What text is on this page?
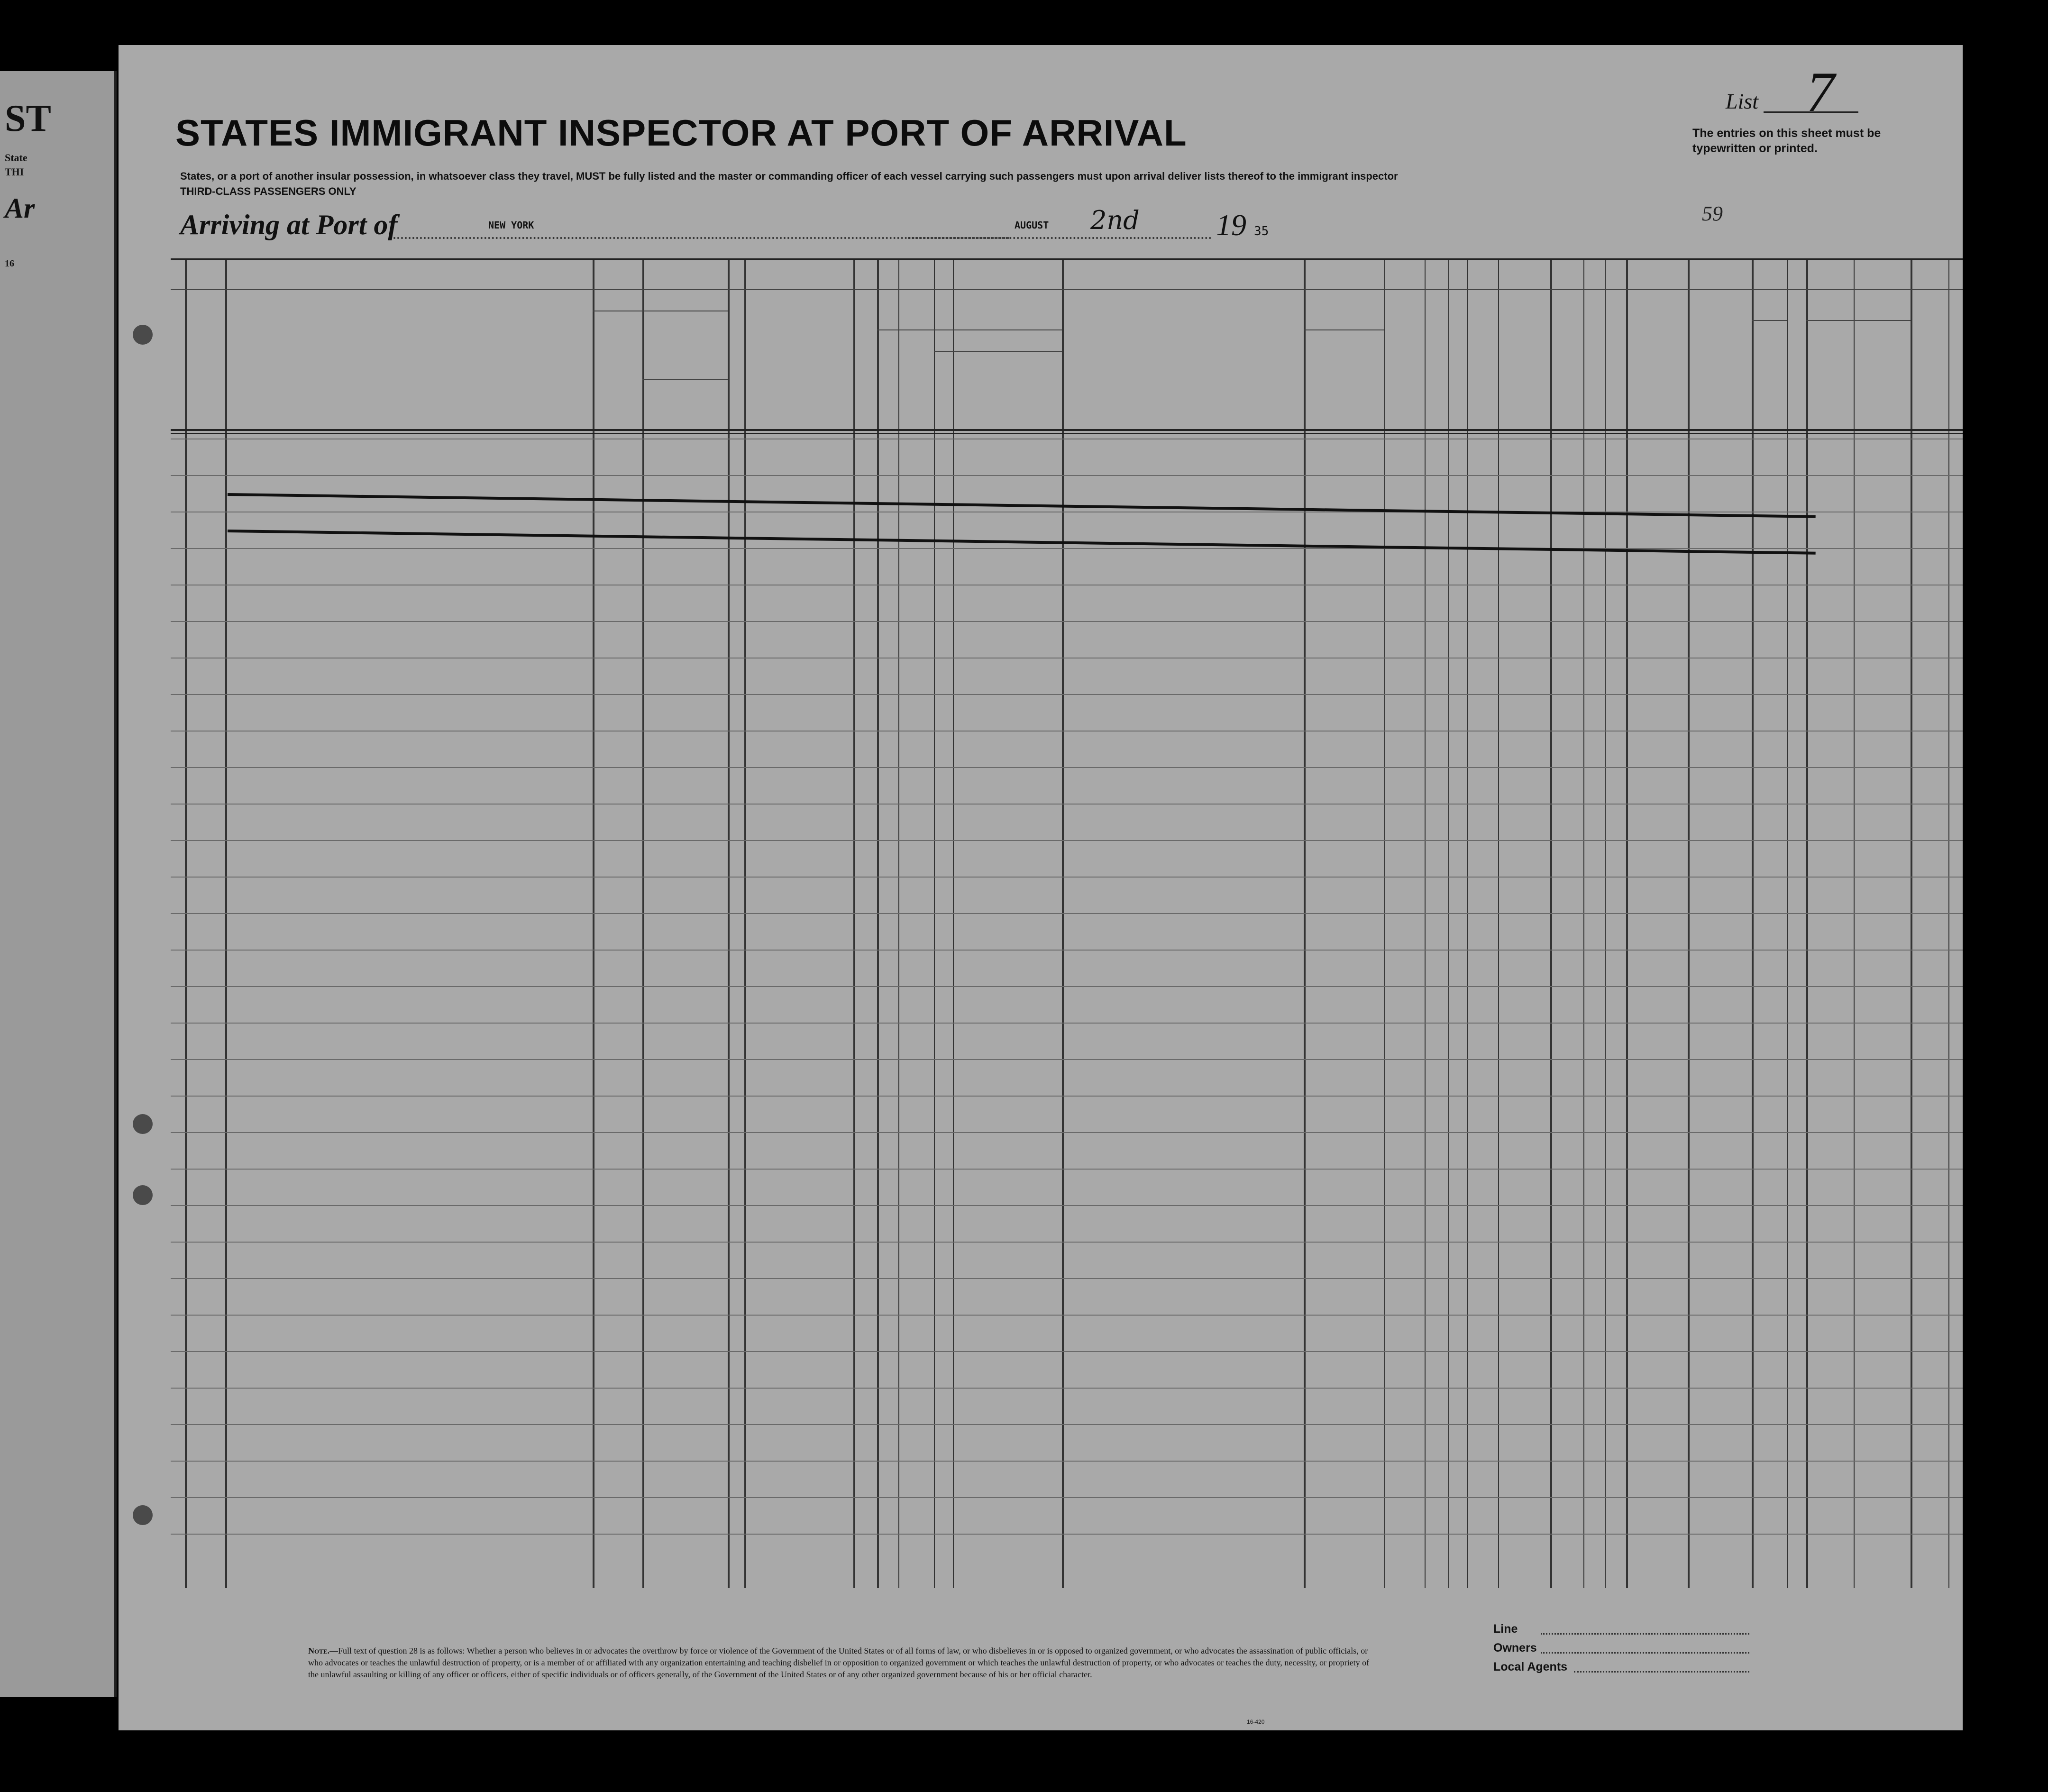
ST
State
THI
Ar
16
STATES IMMIGRANT INSPECTOR AT PORT OF ARRIVAL
States, or a port of another insular possession, in whatsoever class they travel, MUST be fully listed and the master or commanding officer of each vessel carrying such passengers must upon arrival deliver lists thereof to the immigrant inspector
THIRD-CLASS PASSENGERS ONLY
List 7
The entries on this sheet must be typewritten or printed.
Arriving at Port of	NEW YORK	AUGUST 2nd	19 35
59
Note.—Full text of question 28 is as follows: Whether a person who believes in or advocates the overthrow by force or violence of the Government of the United States or of all forms of law, or who disbelieves in or is opposed to organized government, or who advocates the assassination of public officials, or who advocates or teaches the unlawful destruction of property, or is a member of or affiliated with any organization entertaining and teaching disbelief in or opposition to organized government or which teaches the unlawful destruction of property, or who advocates or teaches the duty, necessity, or propriety of the unlawful assaulting or killing of any officer or officers, either of specific individuals or of officers generally, of the Government of the United States or of any other organized government because of his or her official character.
16-420
Line
Owners
Local Agents
